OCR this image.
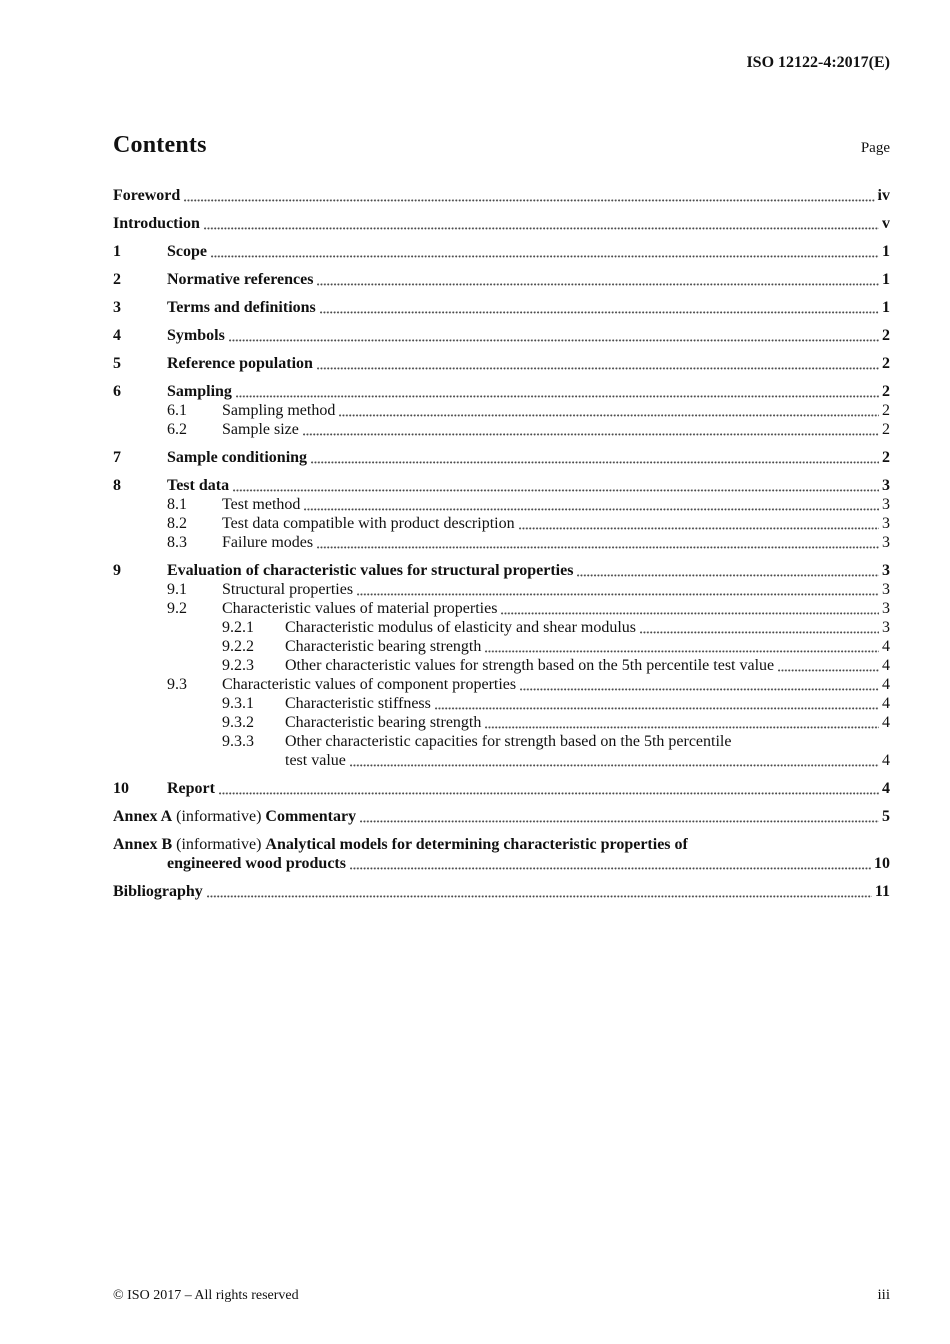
ISO 12122-4:2017(E)
Contents	Page
Foreword	iv
Introduction	v
1	Scope	1
2	Normative references	1
3	Terms and definitions	1
4	Symbols	2
5	Reference population	2
6	Sampling	2
6.1	Sampling method	2
6.2	Sample size	2
7	Sample conditioning	2
8	Test data	3
8.1	Test method	3
8.2	Test data compatible with product description	3
8.3	Failure modes	3
9	Evaluation of characteristic values for structural properties	3
9.1	Structural properties	3
9.2	Characteristic values of material properties	3
9.2.1	Characteristic modulus of elasticity and shear modulus	3
9.2.2	Characteristic bearing strength	4
9.2.3	Other characteristic values for strength based on the 5th percentile test value	4
9.3	Characteristic values of component properties	4
9.3.1	Characteristic stiffness	4
9.3.2	Characteristic bearing strength	4
9.3.3	Other characteristic capacities for strength based on the 5th percentile
test value	4
10	Report	4
Annex A (informative) Commentary	5
Annex B (informative) Analytical models for determining characteristic properties of
engineered wood products	10
Bibliography	11
© ISO 2017 – All rights reserved	iii
